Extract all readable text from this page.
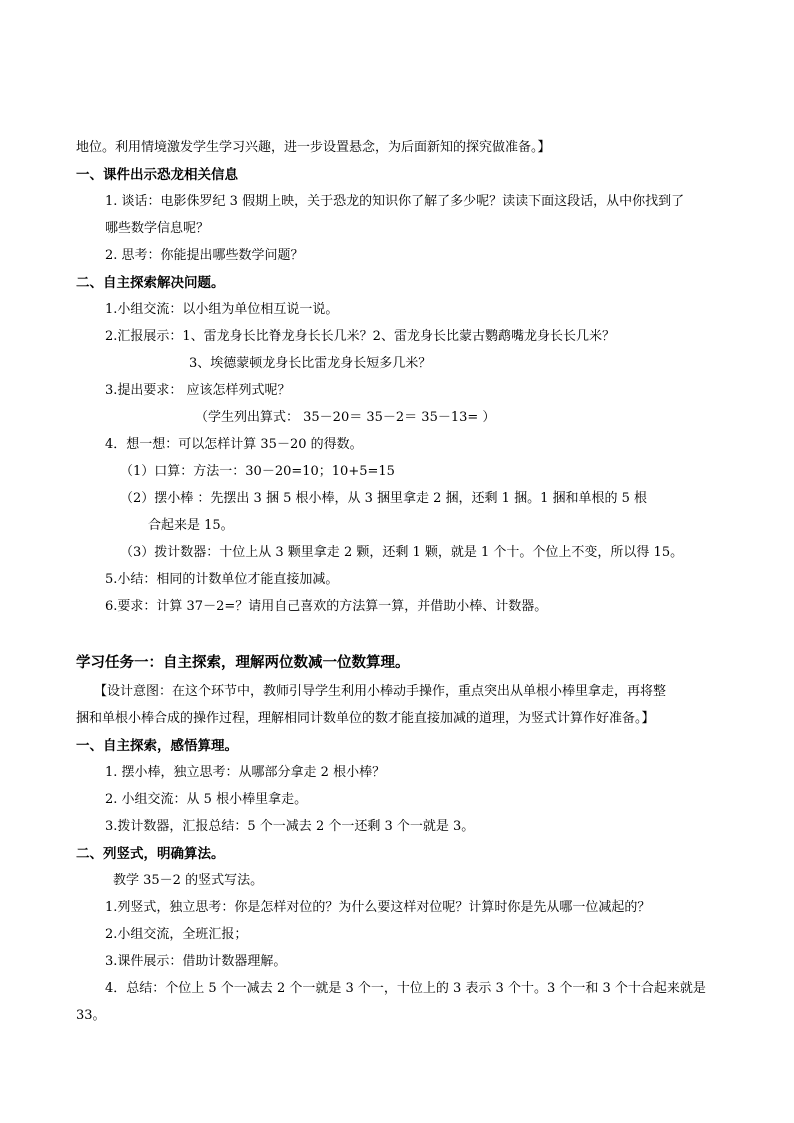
地位。利用情境激发学生学习兴趣，进一步设置悬念，为后面新知的探究做准备。】
一、课件出示恐龙相关信息
1. 谈话：电影侏罗纪 3 假期上映，关于恐龙的知识你了解了多少呢？读读下面这段话，从中你找到了
哪些数学信息呢？
2. 思考：你能提出哪些数学问题？
二、自主探索解决问题。
1.小组交流：以小组为单位相互说一说。
2.汇报展示：1、雷龙身长比脊龙身长长几米？2、雷龙身长比蒙古鹦鹉嘴龙身长长几米？
3、埃德蒙顿龙身长比雷龙身长短多几米？
3.提出要求： 应该怎样列式呢？
（学生列出算式： 35－20＝ 35－2＝ 35－13= ）
4．想一想：可以怎样计算 35－20 的得数。
（1）口算：方法一：30－20=10；10+5=15
（2）摆小棒 ：先摆出 3 捆 5 根小棒，从 3 捆里拿走 2 捆，还剩 1 捆。1 捆和单根的 5 根
合起来是 15。
（3）拨计数器：十位上从 3 颗里拿走 2 颗，还剩 1 颗，就是 1 个十。个位上不变，所以得 15。
5.小结：相同的计数单位才能直接加减。
6.要求：计算 37－2=？请用自己喜欢的方法算一算，并借助小棒、计数器。
学习任务一：自主探索，理解两位数减一位数算理。
【设计意图：在这个环节中，教师引导学生利用小棒动手操作，重点突出从单根小棒里拿走，再将整
捆和单根小棒合成的操作过程，理解相同计数单位的数才能直接加减的道理，为竖式计算作好准备。】
一、自主探索，感悟算理。
1. 摆小棒，独立思考：从哪部分拿走 2 根小棒？
2. 小组交流：从 5 根小棒里拿走。
3.拨计数器，汇报总结：5 个一减去 2 个一还剩 3 个一就是 3。
二、列竖式，明确算法。
教学 35－2 的竖式写法。
1.列竖式，独立思考：你是怎样对位的？为什么要这样对位呢？计算时你是先从哪一位减起的？
2.小组交流，全班汇报；
3.课件展示：借助计数器理解。
4．总结：个位上 5 个一减去 2 个一就是 3 个一，十位上的 3 表示 3 个十。3 个一和 3 个十合起来就是
33。
